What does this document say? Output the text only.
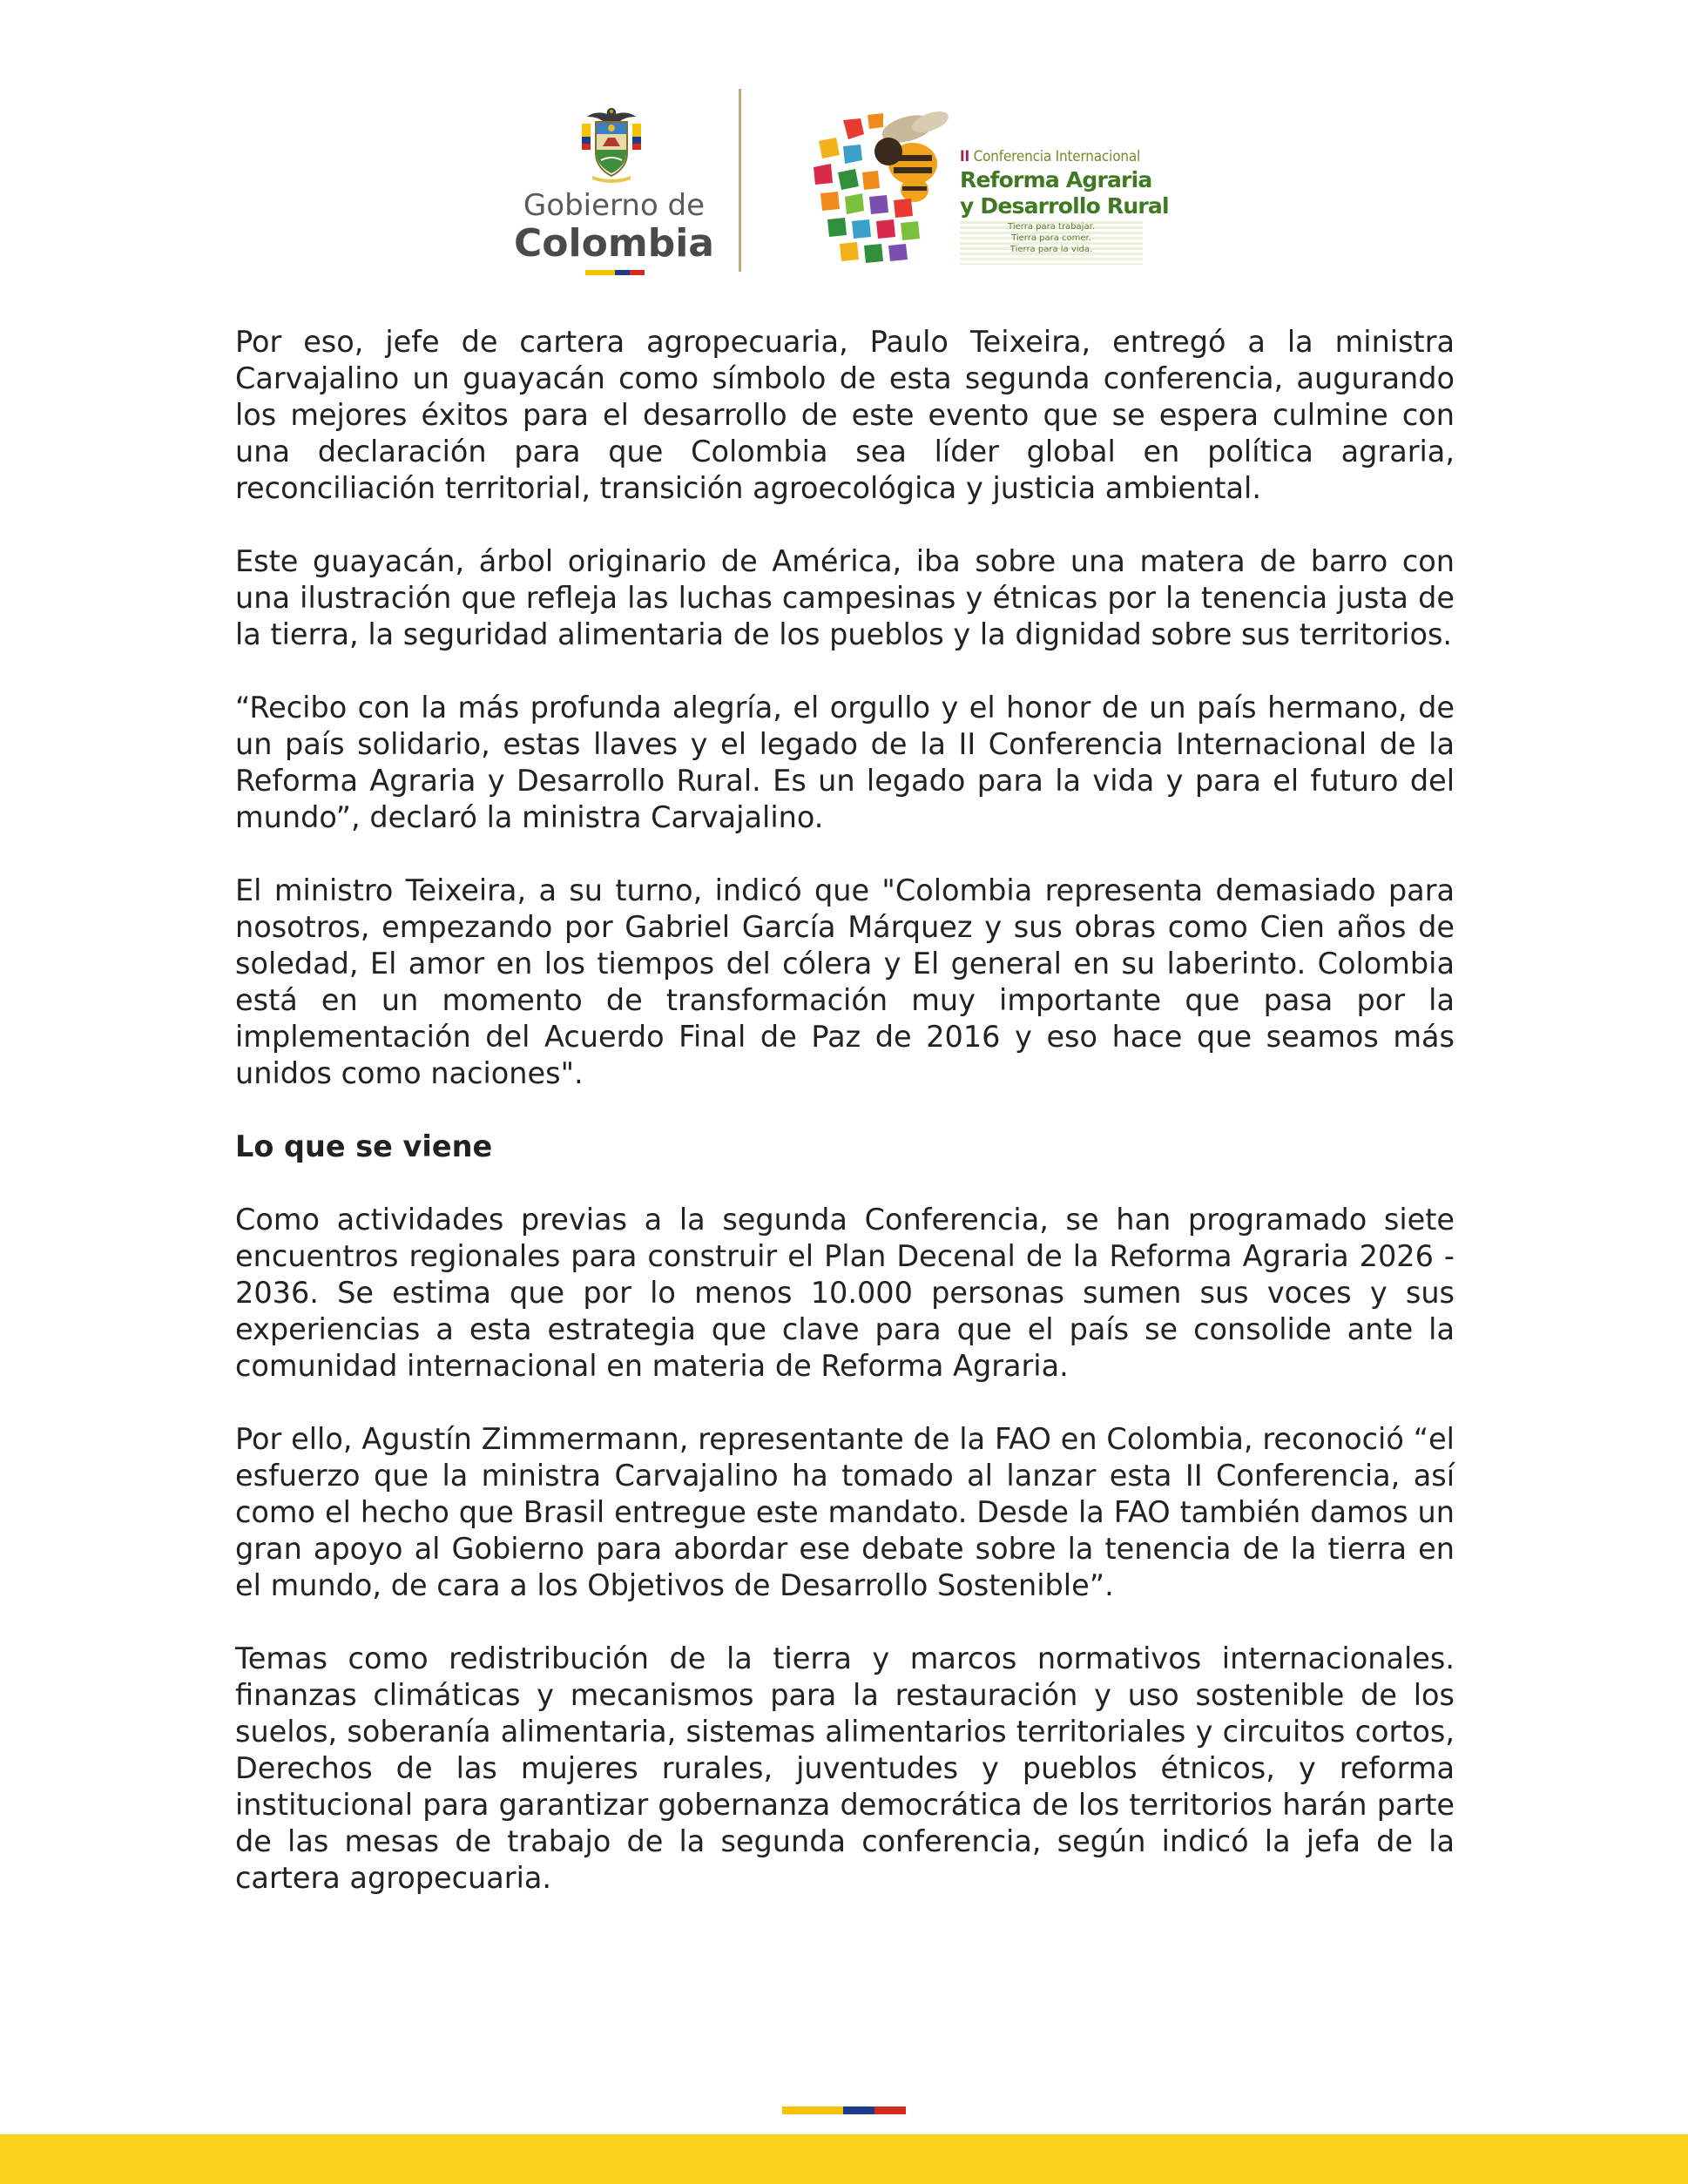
Gobierno de
Colombia
II Conferencia Internacional
Reforma Agraria
y Desarrollo Rural
Tierra para trabajar.
Tierra para comer.
Tierra para la vida.

Por eso, jefe de cartera agropecuaria, Paulo Teixeira, entregó a la ministra Carvajalino un guayacán como símbolo de esta segunda conferencia, augurando los mejores éxitos para el desarrollo de este evento que se espera culmine con una declaración para que Colombia sea líder global en política agraria, reconciliación territorial, transición agroecológica y justicia ambiental.

Este guayacán, árbol originario de América, iba sobre una matera de barro con una ilustración que refleja las luchas campesinas y étnicas por la tenencia justa de la tierra, la seguridad alimentaria de los pueblos y la dignidad sobre sus territorios.

“Recibo con la más profunda alegría, el orgullo y el honor de un país hermano, de un país solidario, estas llaves y el legado de la II Conferencia Internacional de la Reforma Agraria y Desarrollo Rural. Es un legado para la vida y para el futuro del mundo”, declaró la ministra Carvajalino.

El ministro Teixeira, a su turno, indicó que "Colombia representa demasiado para nosotros, empezando por Gabriel García Márquez y sus obras como Cien años de soledad, El amor en los tiempos del cólera y El general en su laberinto. Colombia está en un momento de transformación muy importante que pasa por la implementación del Acuerdo Final de Paz de 2016 y eso hace que seamos más unidos como naciones".

Lo que se viene

Como actividades previas a la segunda Conferencia, se han programado siete encuentros regionales para construir el Plan Decenal de la Reforma Agraria 2026 - 2036. Se estima que por lo menos 10.000 personas sumen sus voces y sus experiencias a esta estrategia que clave para que el país se consolide ante la comunidad internacional en materia de Reforma Agraria.

Por ello, Agustín Zimmermann, representante de la FAO en Colombia, reconoció “el esfuerzo que la ministra Carvajalino ha tomado al lanzar esta II Conferencia, así como el hecho que Brasil entregue este mandato. Desde la FAO también damos un gran apoyo al Gobierno para abordar ese debate sobre la tenencia de la tierra en el mundo, de cara a los Objetivos de Desarrollo Sostenible”.

Temas como redistribución de la tierra y marcos normativos internacionales. finanzas climáticas y mecanismos para la restauración y uso sostenible de los suelos, soberanía alimentaria, sistemas alimentarios territoriales y circuitos cortos, Derechos de las mujeres rurales, juventudes y pueblos étnicos, y reforma institucional para garantizar gobernanza democrática de los territorios harán parte de las mesas de trabajo de la segunda conferencia, según indicó la jefa de la cartera agropecuaria.
